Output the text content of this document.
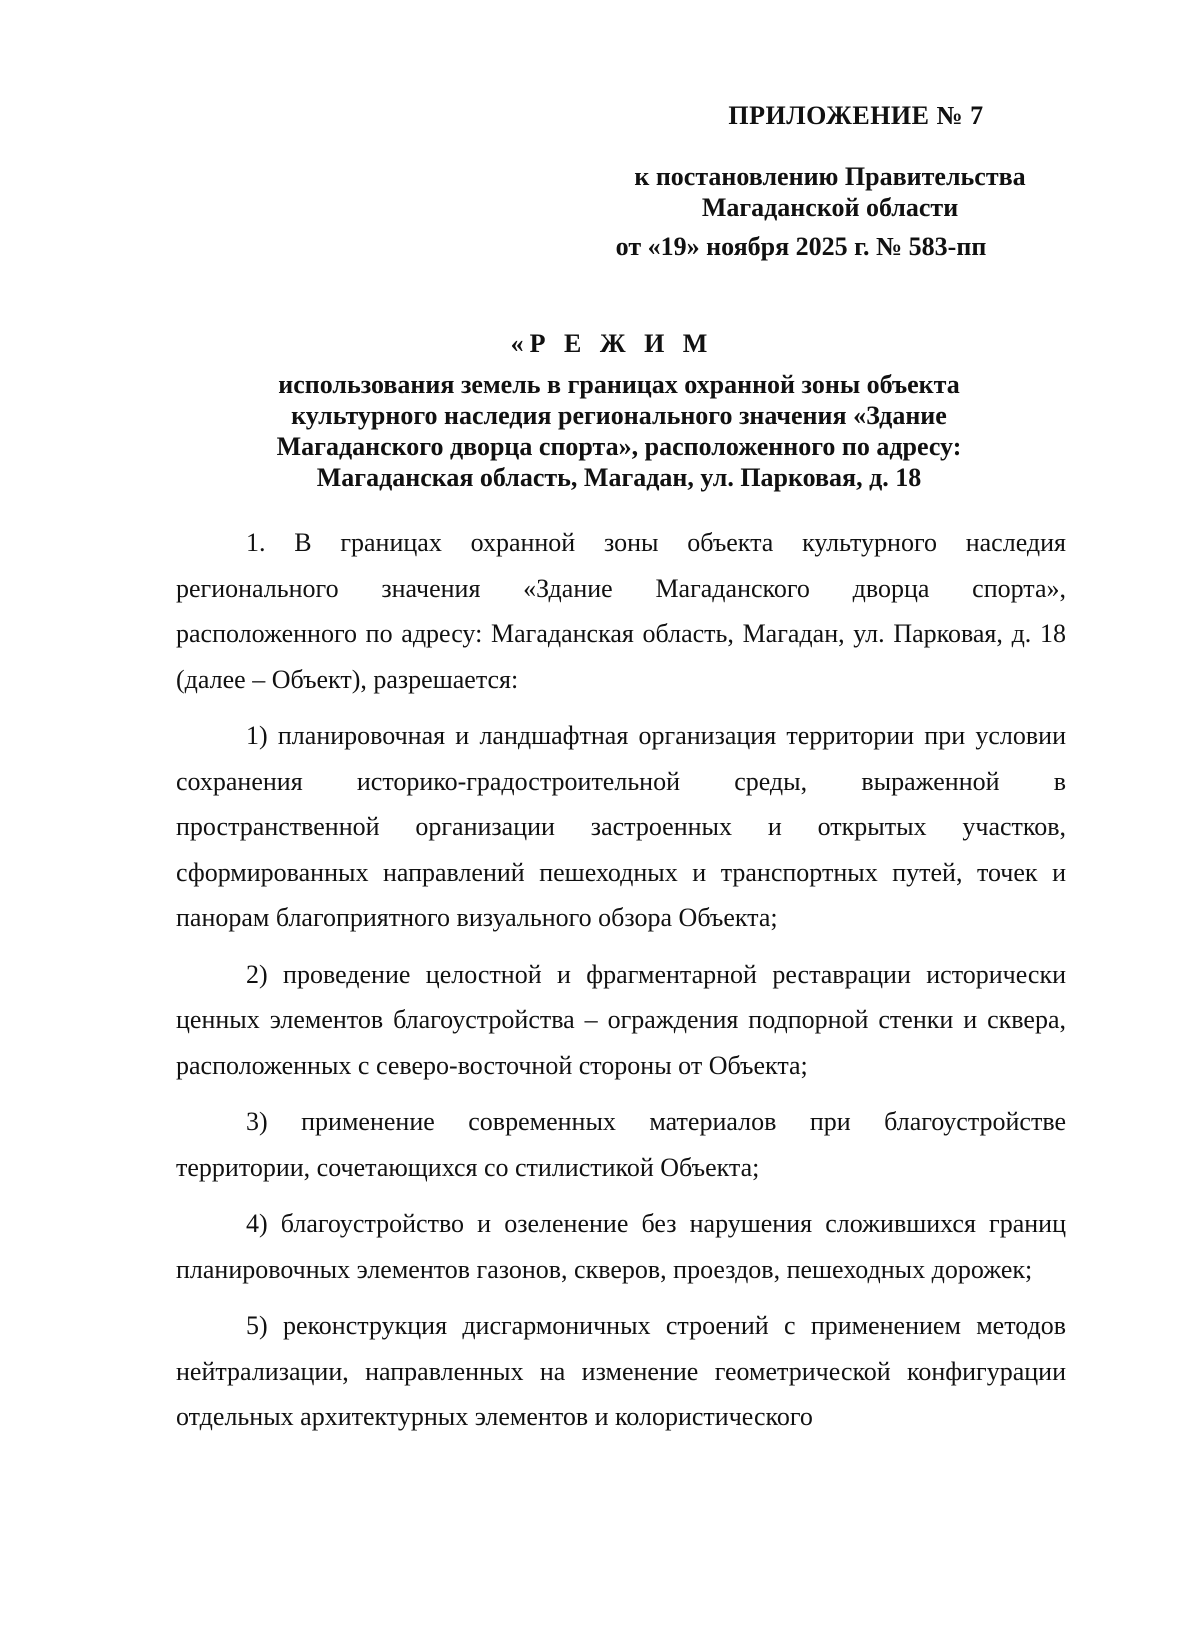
ПРИЛОЖЕНИЕ № 7

к постановлению Правительства

Магаданской области

от «19» ноября 2025 г. № 583-пп

«Р Е Ж И М

использования земель в границах охранной зоны объекта

культурного наследия регионального значения «Здание

Магаданского дворца спорта», расположенного по адресу:

Магаданская область, Магадан, ул. Парковая, д. 18

1. В границах охранной зоны объекта культурного наследия регионального значения «Здание Магаданского дворца спорта», расположенного по адресу: Магаданская область, Магадан, ул. Парковая, д. 18 (далее – Объект), разрешается:

1) планировочная и ландшафтная организация территории при условии сохранения историко-градостроительной среды, выраженной в пространственной организации застроенных и открытых участков, сформированных направлений пешеходных и транспортных путей, точек и панорам благоприятного визуального обзора Объекта;

2) проведение целостной и фрагментарной реставрации исторически ценных элементов благоустройства – ограждения подпорной стенки и сквера, расположенных с северо-восточной стороны от Объекта;

3) применение современных материалов при благоустройстве территории, сочетающихся со стилистикой Объекта;

4) благоустройство и озеленение без нарушения сложившихся границ планировочных элементов газонов, скверов, проездов, пешеходных дорожек;

5) реконструкция дисгармоничных строений с применением методов нейтрализации, направленных на изменение геометрической конфигурации отдельных архитектурных элементов и колористического
